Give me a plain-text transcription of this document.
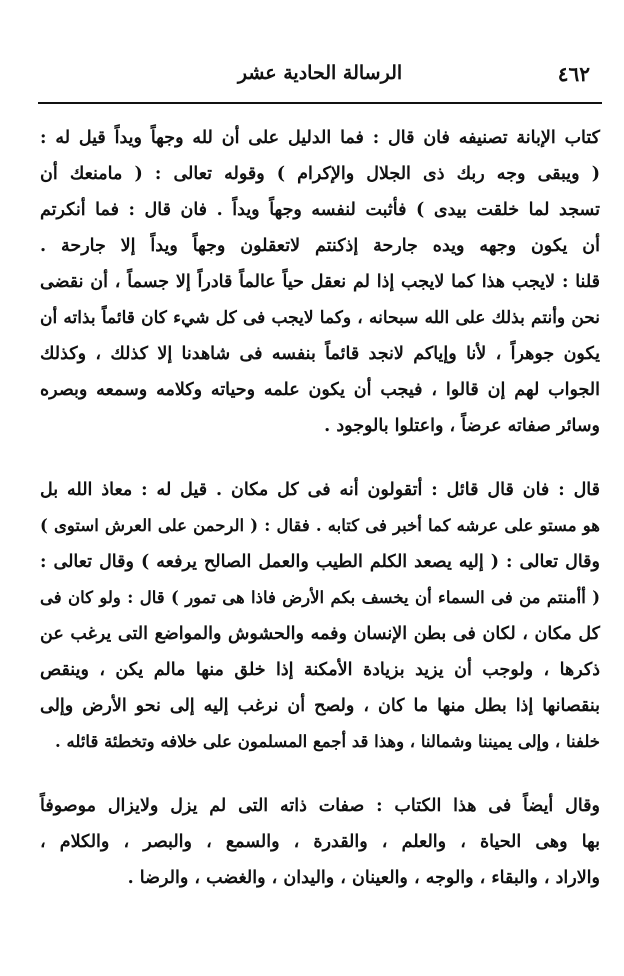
الرسالة الحادية عشر	٤٦٢

كتاب الإبانة تصنيفه فان قال : فما الدليل على أن لله وجهاً ويداً قيل له :
( ويبقى وجه ربك ذى الجلال والإكرام ) وقوله تعالى : ( مامنعك أن
تسجد لما خلقت بيدى ) فأثبت لنفسه وجهاً ويداً . فان قال : فما أنكرتم
أن يكون وجهه ويده جارحة إذكنتم لاتعقلون وجهاً ويداً إلا جارحة .
قلنا : لايجب هذا كما لايجب إذا لم نعقل حياً عالماً قادراً إلا جسماً ، أن نقضى
نحن وأنتم بذلك على الله سبحانه ، وكما لايجب فى كل شيء كان قائماً بذاته أن
يكون جوهراً ، لأنا وإياكم لانجد قائماً بنفسه فى شاهدنا إلا كذلك ، وكذلك
الجواب لهم إن قالوا ، فيجب أن يكون علمه وحياته وكلامه وسمعه وبصره
وسائر صفاته عرضاً ، واعتلوا بالوجود .

قال : فان قال قائل : أتقولون أنه فى كل مكان . قيل له : معاذ الله بل
هو مستو على عرشه كما أخبر فى كتابه . فقال : ( الرحمن على العرش استوى )
وقال تعالى : ( إليه يصعد الكلم الطيب والعمل الصالح يرفعه ) وقال تعالى :
( أأمنتم من فى السماء أن يخسف بكم الأرض فاذا هى تمور ) قال : ولو كان فى
كل مكان ، لكان فى بطن الإنسان وفمه والحشوش والمواضع التى يرغب عن
ذكرها ، ولوجب أن يزيد بزيادة الأمكنة إذا خلق منها مالم يكن ، وينقص
بنقصانها إذا بطل منها ما كان ، ولصح أن نرغب إليه إلى نحو الأرض وإلى
خلفنا ، وإلى يميننا وشمالنا ، وهذا قد أجمع المسلمون على خلافه وتخطئة قائله .

وقال أيضاً فى هذا الكتاب : صفات ذاته التى لم يزل ولايزال موصوفاً
بها وهى الحياة ، والعلم ، والقدرة ، والسمع ، والبصر ، والكلام ،
والاراد ، والبقاء ، والوجه ، والعينان ، واليدان ، والغضب ، والرضا .
